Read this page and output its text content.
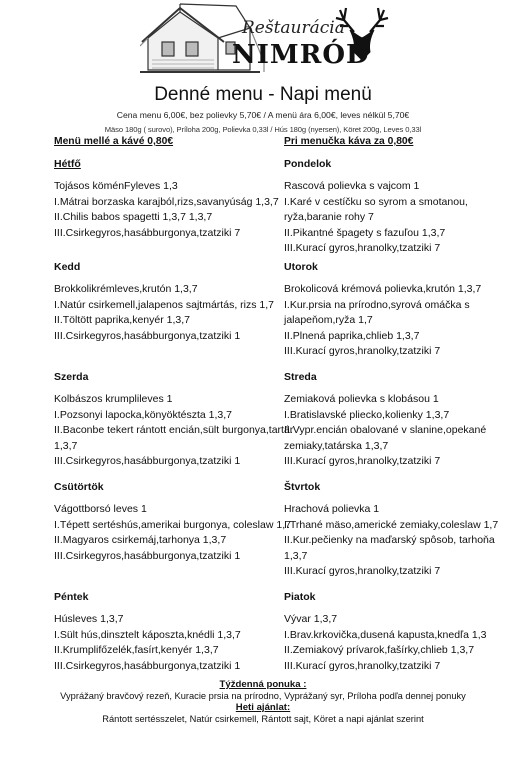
Reštaurácia
NIMRÓD
Denné menu - Napi menü
Cena menu 6,00€, bez polievky 5,70€ / A menü ára 6,00€, leves nélkül 5,70€
Mäso 180g ( surovo), Príloha 200g, Polievka 0,33l / Hús 180g (nyersen), Köret 200g, Leves 0,33l
Menü mellé a kávé 0,80€
Hétfő
Tojásos köménFyleves 1,3
I.Mátrai borzaska karajból,rizs,savanyúság 1,3,7
II.Chilis babos spagetti 1,3,7 1,3,7
III.Csirkegyros,hasábburgonya,tzatziki 7
Kedd
Brokkolikrémleves,krutón 1,3,7
I.Natúr csirkemell,jalapenos sajtmártás, rizs 1,7
II.Töltött paprika,kenyér 1,3,7
III.Csirkegyros,hasábburgonya,tzatziki 1
Szerda
Kolbászos krumplileves 1
I.Pozsonyi lapocka,könyöktészta 1,3,7
II.Baconbe tekert rántott encián,sült burgonya,tartár 1,3,7
III.Csirkegyros,hasábburgonya,tzatziki 1
Csütörtök
Vágottborsó leves 1
I.Tépett sertéshús,amerikai burgonya, coleslaw 1,7
II.Magyaros csirkemáj,tarhonya 1,3,7
III.Csirkegyros,hasábburgonya,tzatziki 1
Péntek
Húsleves 1,3,7
I.Sült hús,dinsztelt káposzta,knédli 1,3,7
II.Krumplifőzelék,fasírt,kenyér 1,3,7
III.Csirkegyros,hasábburgonya,tzatziki 1
Pri menučka káva za 0,80€
Pondelok
Rascová polievka s vajcom 1
I.Karé v cestíčku so syrom a smotanou, ryža,baranie rohy 7
II.Pikantné špagety s fazuľou 1,3,7
III.Kurací gyros,hranolky,tzatziki 7
Utorok
Brokolicová krémová polievka,krutón 1,3,7
I.Kur.prsia na prírodno,syrová omáčka s jalapeňom,ryža 1,7
II.Plnená paprika,chlieb 1,3,7
III.Kurací gyros,hranolky,tzatziki 7
Streda
Zemiaková polievka s klobásou 1
I.Bratislavské pliecko,kolienky 1,3,7
II.Vypr.encián obalované v slanine,opekané zemiaky,tatárska 1,3,7
III.Kurací gyros,hranolky,tzatziki 7
Štvrtok
Hrachová polievka 1
I.Trhané mäso,americké zemiaky,coleslaw 1,7
II.Kur.pečienky na maďarský spôsob, tarhoňa 1,3,7
III.Kurací gyros,hranolky,tzatziki 7
Piatok
Vývar 1,3,7
I.Brav.krkovička,dusená kapusta,knedľa 1,3
II.Zemiakový prívarok,fašírky,chlieb 1,3,7
III.Kurací gyros,hranolky,tzatziki 7
Týždenná ponuka :
Vyprážaný bravčový rezeň, Kuracie prsia na prírodno, Vyprážaný syr, Príloha podľa dennej ponuky
Heti ajánlat:
Rántott sertésszelet, Natúr csirkemell, Rántott sajt, Köret a napi ajánlat szerint
